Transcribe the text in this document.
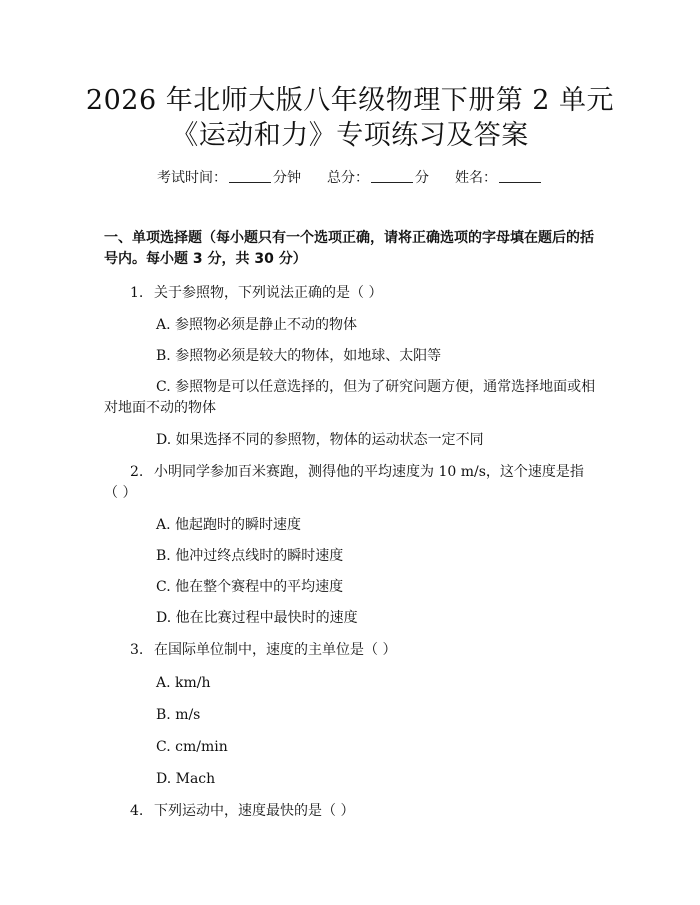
2026 年北师大版八年级物理下册第 2 单元
《运动和力》专项练习及答案
考试时间：	分钟 总分：	分 姓名：
一、单项选择题（每小题只有一个选项正确，请将正确选项的字母填在题后的括
号内。每小题 3 分，共 30 分）
1. 关于参照物，下列说法正确的是（ ）
A. 参照物必须是静止不动的物体
B. 参照物必须是较大的物体，如地球、太阳等
C. 参照物是可以任意选择的，但为了研究问题方便，通常选择地面或相
对地面不动的物体
D. 如果选择不同的参照物，物体的运动状态一定不同
2. 小明同学参加百米赛跑，测得他的平均速度为 10 m/s，这个速度是指
（ ）
A. 他起跑时的瞬时速度
B. 他冲过终点线时的瞬时速度
C. 他在整个赛程中的平均速度
D. 他在比赛过程中最快时的速度
3. 在国际单位制中，速度的主单位是（ ）
A. km/h
B. m/s
C. cm/min
D. Mach
4. 下列运动中，速度最快的是（ ）
